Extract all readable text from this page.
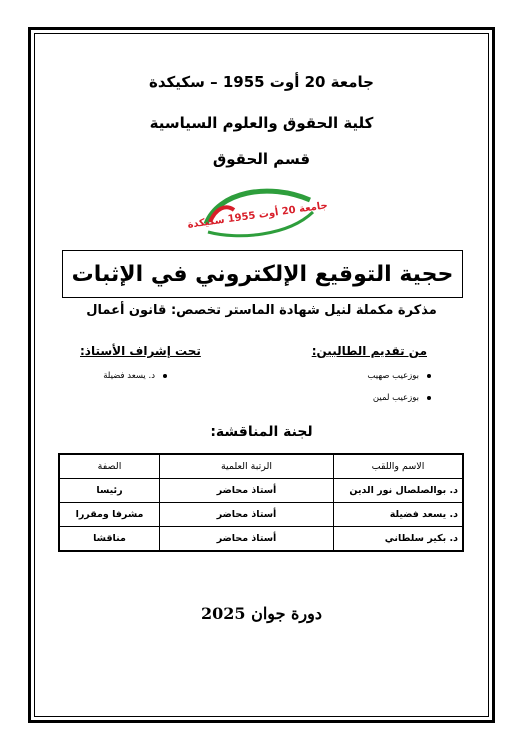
جامعة 20 أوت 1955 – سكيكدة
كلية الحقوق والعلوم السياسية
قسم الحقوق
جامعة 20 أوت 1955 سكيكدة
حجية التوقيع الإلكتروني في الإثبات
مذكرة مكملة لنيل شهادة الماستر تخصص: قانون أعمال
من تقديم الطالبين:
تحت إشراف الأستاذ:
بوزعيب صهيب
بوزعيب لمين
د. يسعد فضيلة
لجنة المناقشة:
الاسم واللقب	الرتبة العلمية	الصفة
د. بوالصلصال نور الدين	أستاذ محاضر	رئيسا
د. يسعد فضيلة	أستاذ محاضر	مشرفا ومقررا
د. بكير سلطاني	أستاذ محاضر	مناقشا
دورة جوان 2025
